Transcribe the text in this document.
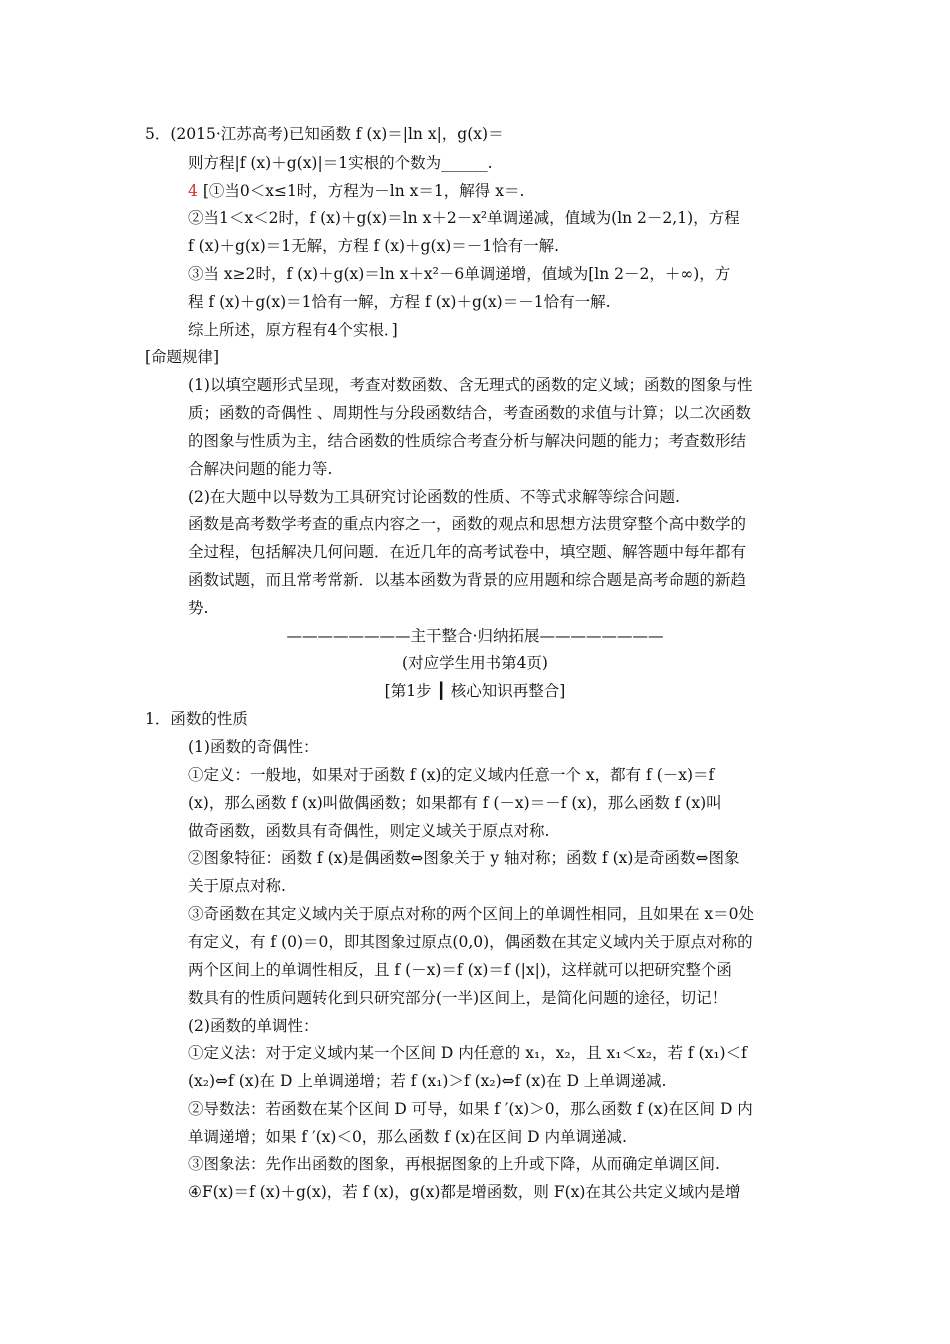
5．(2015·江苏高考)已知函数 f (x)＝|ln x|，g(x)＝
则方程|f (x)＋g(x)|＝1实根的个数为______.
4 [①当0＜x≤1时，方程为－ln x＝1，解得 x＝.
②当1＜x＜2时，f (x)＋g(x)＝ln x＋2－x²单调递减，值域为(ln 2－2,1)，方程
f (x)＋g(x)＝1无解，方程 f (x)＋g(x)＝－1恰有一解.
③当 x≥2时，f (x)＋g(x)＝ln x＋x²－6单调递增，值域为[ln 2－2，＋∞)，方
程 f (x)＋g(x)＝1恰有一解，方程 f (x)＋g(x)＝－1恰有一解.
综上所述，原方程有4个实根．]
[命题规律]
(1)以填空题形式呈现，考查对数函数、含无理式的函数的定义域；函数的图象与性
质；函数的奇偶性 、周期性与分段函数结合，考查函数的求值与计算；以二次函数
的图象与性质为主，结合函数的性质综合考查分析与解决问题的能力；考查数形结
合解决问题的能力等.
(2)在大题中以导数为工具研究讨论函数的性质、不等式求解等综合问题.
函数是高考数学考查的重点内容之一，函数的观点和思想方法贯穿整个高中数学的
全过程，包括解决几何问题．在近几年的高考试卷中，填空题、解答题中每年都有
函数试题，而且常考常新．以基本函数为背景的应用题和综合题是高考命题的新趋
势.
————————主干整合·归纳拓展————————
(对应学生用书第4页)
[第1步 ┃ 核心知识再整合]
1．函数的性质
(1)函数的奇偶性：
①定义：一般地，如果对于函数 f (x)的定义域内任意一个 x，都有 f (－x)＝f
(x)，那么函数 f (x)叫做偶函数；如果都有 f (－x)＝－f (x)，那么函数 f (x)叫
做奇函数，函数具有奇偶性，则定义域关于原点对称.
②图象特征：函数 f (x)是偶函数⇔图象关于 y 轴对称；函数 f (x)是奇函数⇔图象
关于原点对称.
③奇函数在其定义域内关于原点对称的两个区间上的单调性相同，且如果在 x＝0处
有定义，有 f (0)＝0，即其图象过原点(0,0)，偶函数在其定义域内关于原点对称的
两个区间上的单调性相反，且 f (－x)＝f (x)＝f (|x|)，这样就可以把研究整个函
数具有的性质问题转化到只研究部分(一半)区间上，是简化问题的途径，切记！
(2)函数的单调性：
①定义法：对于定义域内某一个区间 D 内任意的 x₁，x₂，且 x₁＜x₂，若 f (x₁)＜f
(x₂)⇔f (x)在 D 上单调递增；若 f (x₁)＞f (x₂)⇔f (x)在 D 上单调递减.
②导数法：若函数在某个区间 D 可导，如果 f ′(x)＞0，那么函数 f (x)在区间 D 内
单调递增；如果 f ′(x)＜0，那么函数 f (x)在区间 D 内单调递减.
③图象法：先作出函数的图象，再根据图象的上升或下降，从而确定单调区间.
④F(x)＝f (x)＋g(x)，若 f (x)，g(x)都是增函数，则 F(x)在其公共定义域内是增
